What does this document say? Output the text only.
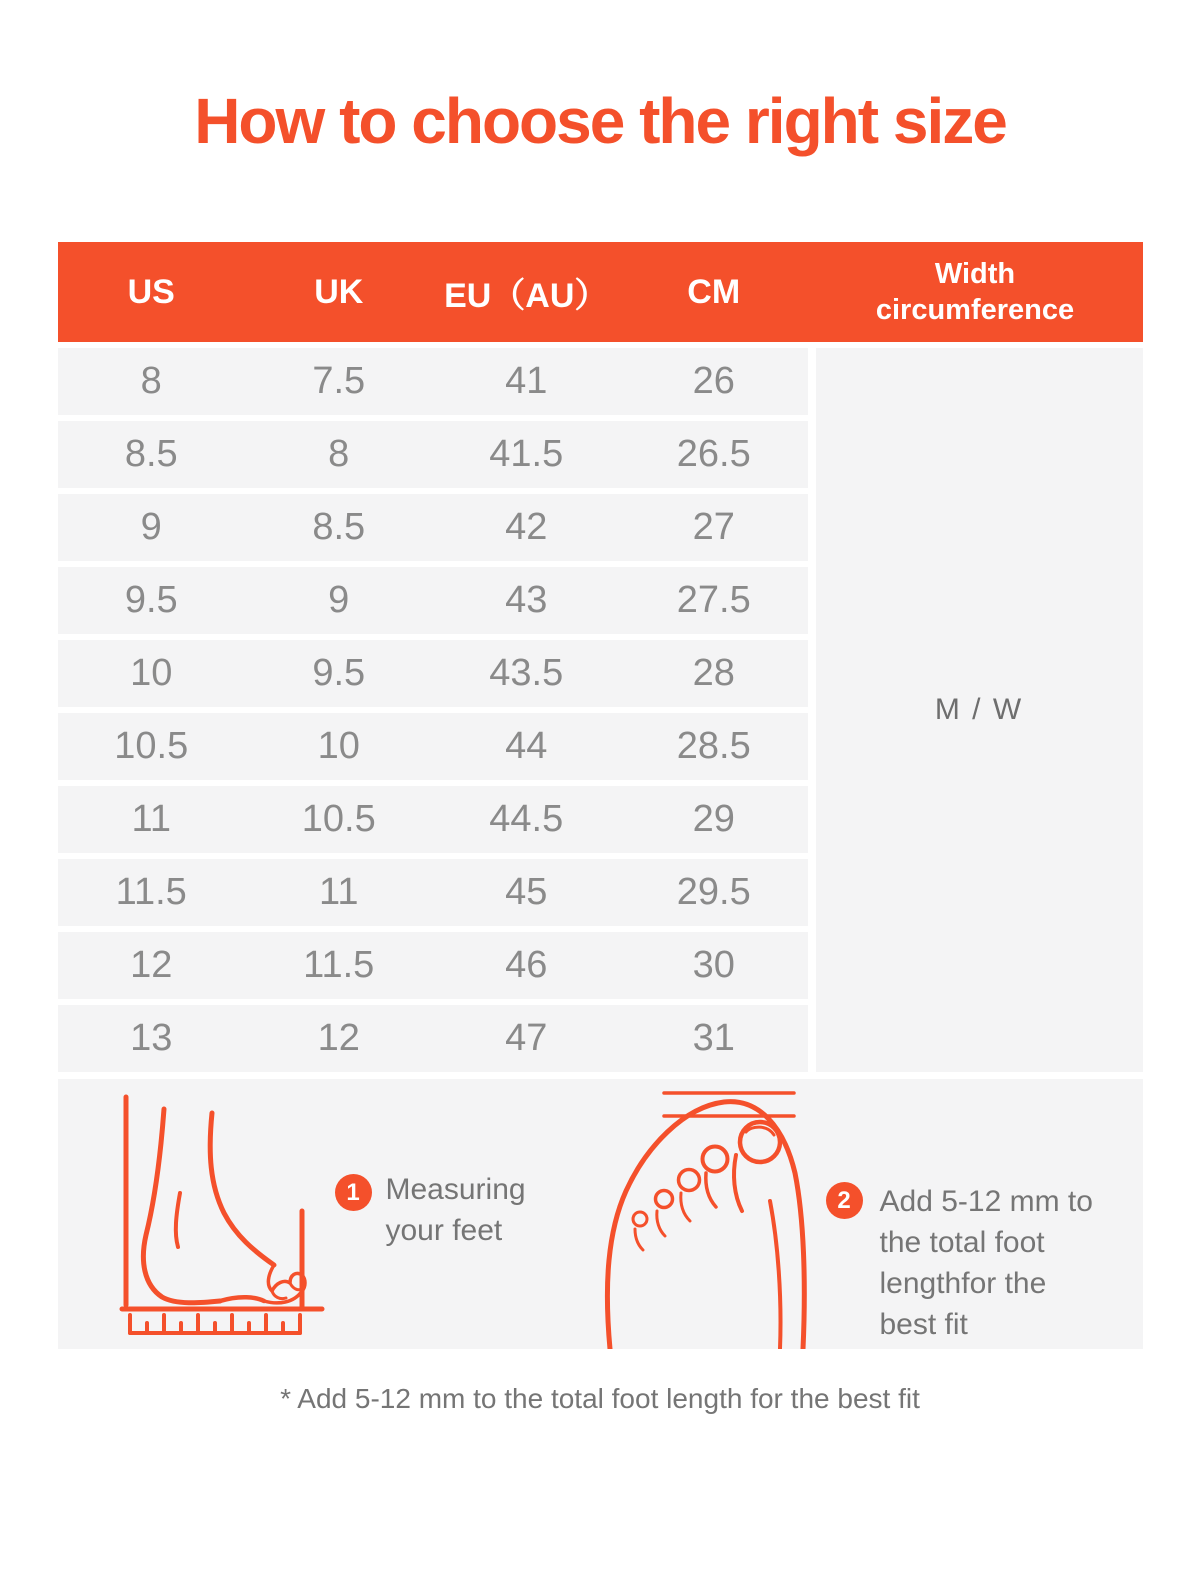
How to choose the right size
US	UK	EU（AU）	CM	Width circumference
8	7.5	41	26
8.5	8	41.5	26.5
9	8.5	42	27
9.5	9	43	27.5
10	9.5	43.5	28
10.5	10	44	28.5
11	10.5	44.5	29
11.5	11	45	29.5
12	11.5	46	30
13	12	47	31
M / W
1 Measuring
your feet
2 Add 5-12 mm to
the total foot
lengthfor the
best fit
* Add 5-12 mm to the total foot length for the best fit
